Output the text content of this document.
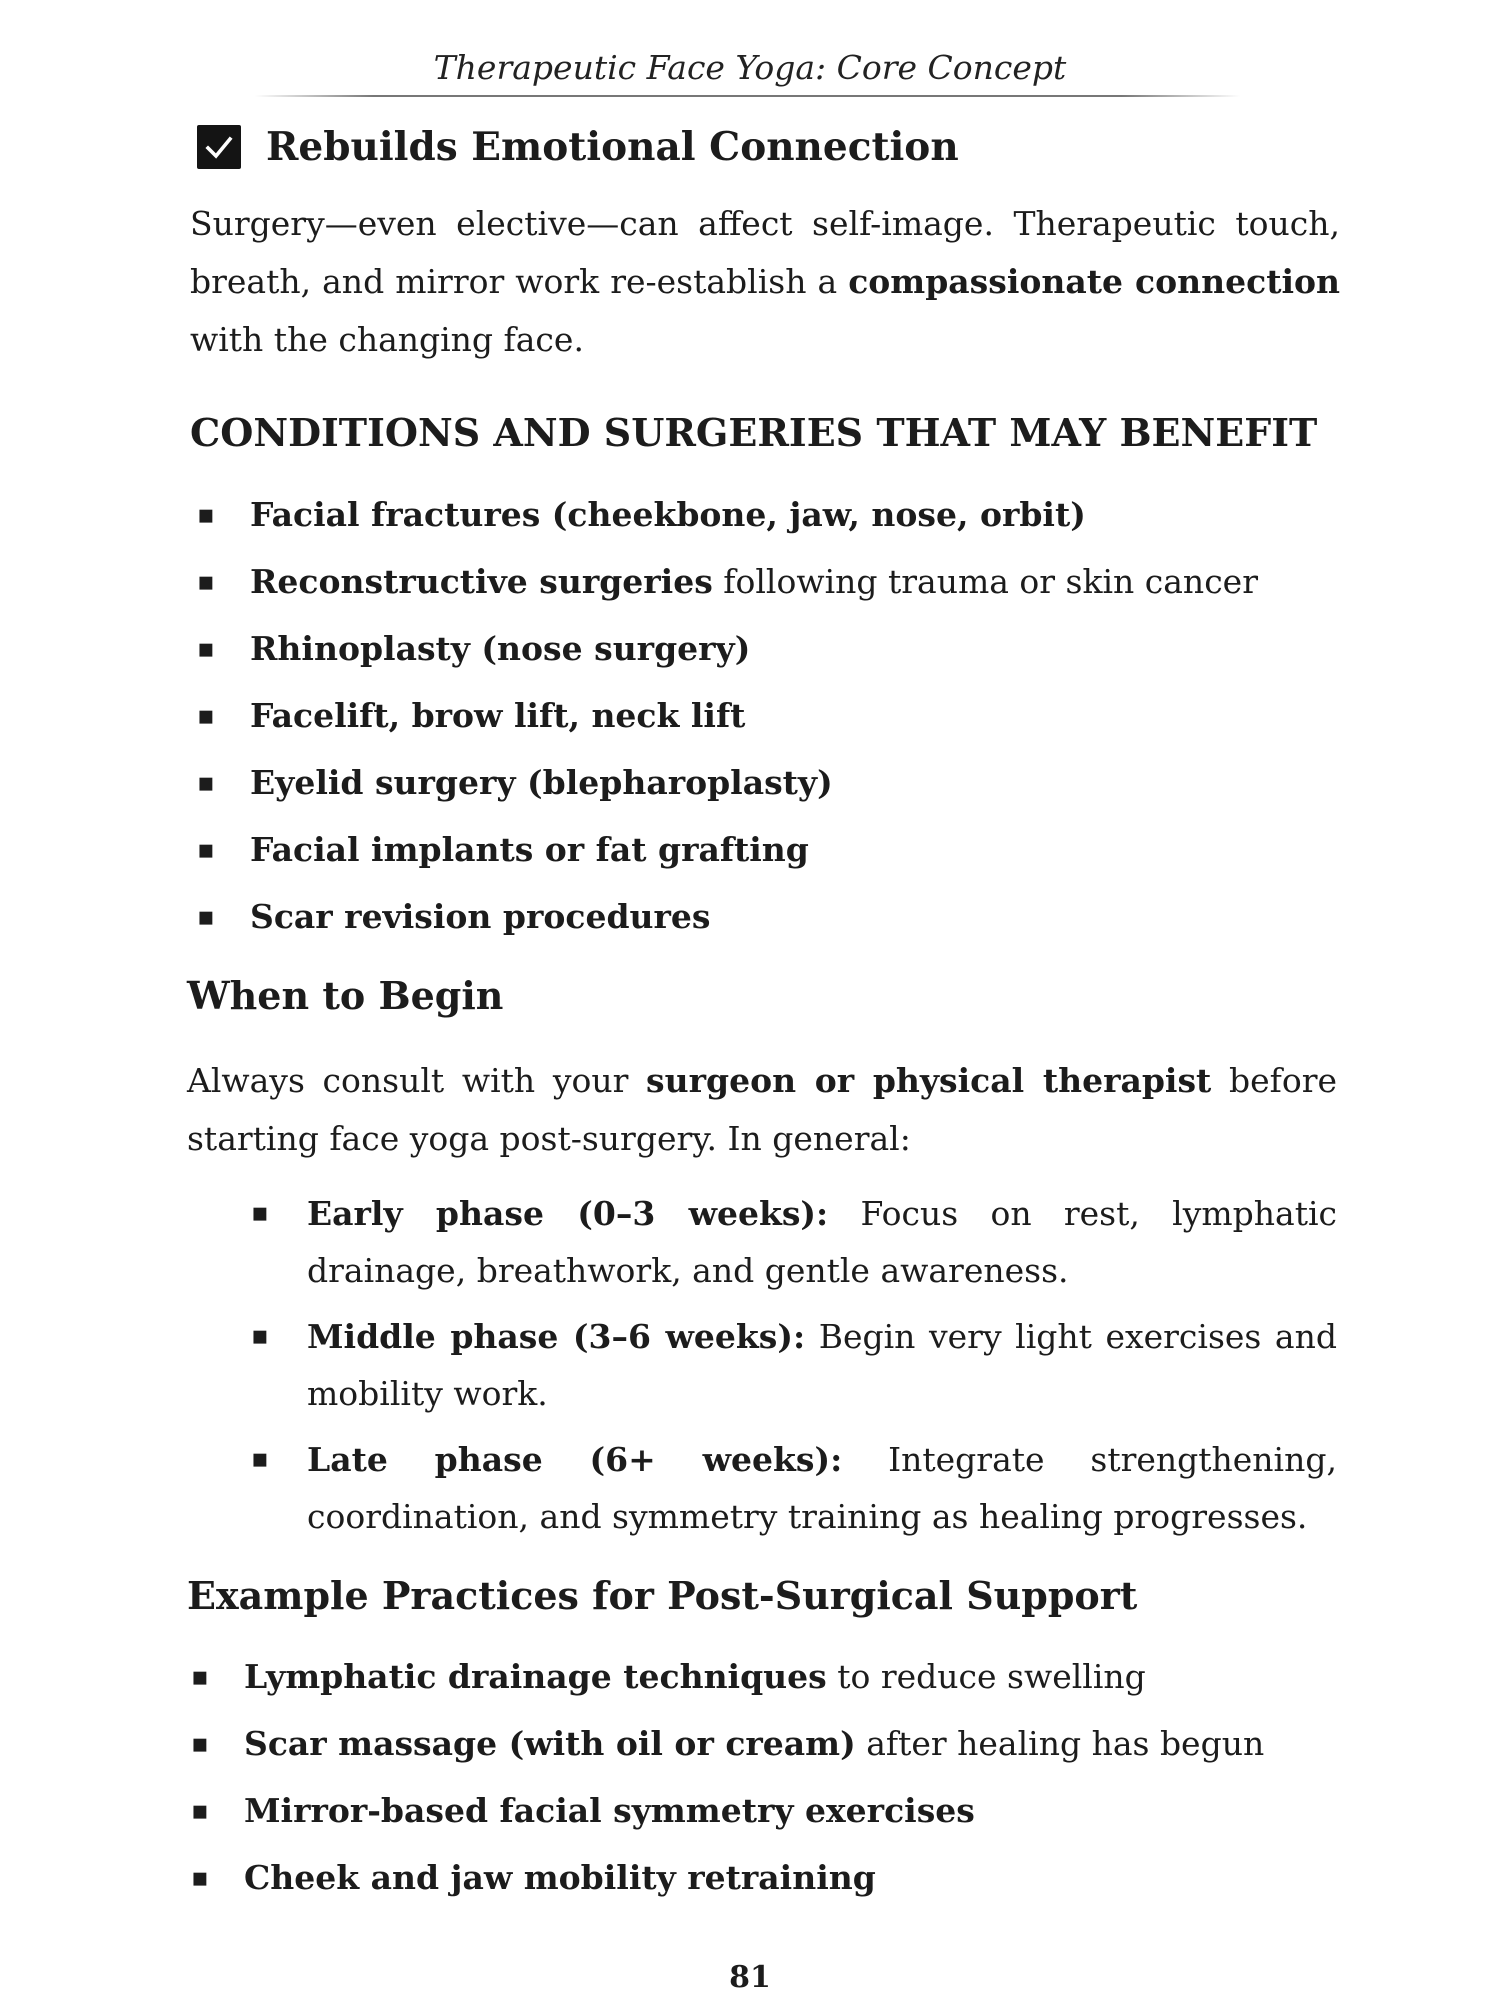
Therapeutic Face Yoga: Core Concept
Rebuilds Emotional Connection

Surgery—even elective—can affect self-image. Therapeutic touch, breath, and mirror work re-establish a compassionate connection with the changing face.

CONDITIONS AND SURGERIES THAT MAY BENEFIT
▪ Facial fractures (cheekbone, jaw, nose, orbit)
▪ Reconstructive surgeries following trauma or skin cancer
▪ Rhinoplasty (nose surgery)
▪ Facelift, brow lift, neck lift
▪ Eyelid surgery (blepharoplasty)
▪ Facial implants or fat grafting
▪ Scar revision procedures
When to Begin

Always consult with your surgeon or physical therapist before starting face yoga post-surgery. In general:

▪ Early phase (0–3 weeks): Focus on rest, lymphatic drainage, breathwork, and gentle awareness.
▪ Middle phase (3–6 weeks): Begin very light exercises and mobility work.
▪ Late phase (6+ weeks): Integrate strengthening, coordination, and symmetry training as healing progresses.
Example Practices for Post-Surgical Support
▪ Lymphatic drainage techniques to reduce swelling
▪ Scar massage (with oil or cream) after healing has begun
▪ Mirror-based facial symmetry exercises
▪ Cheek and jaw mobility retraining
81
